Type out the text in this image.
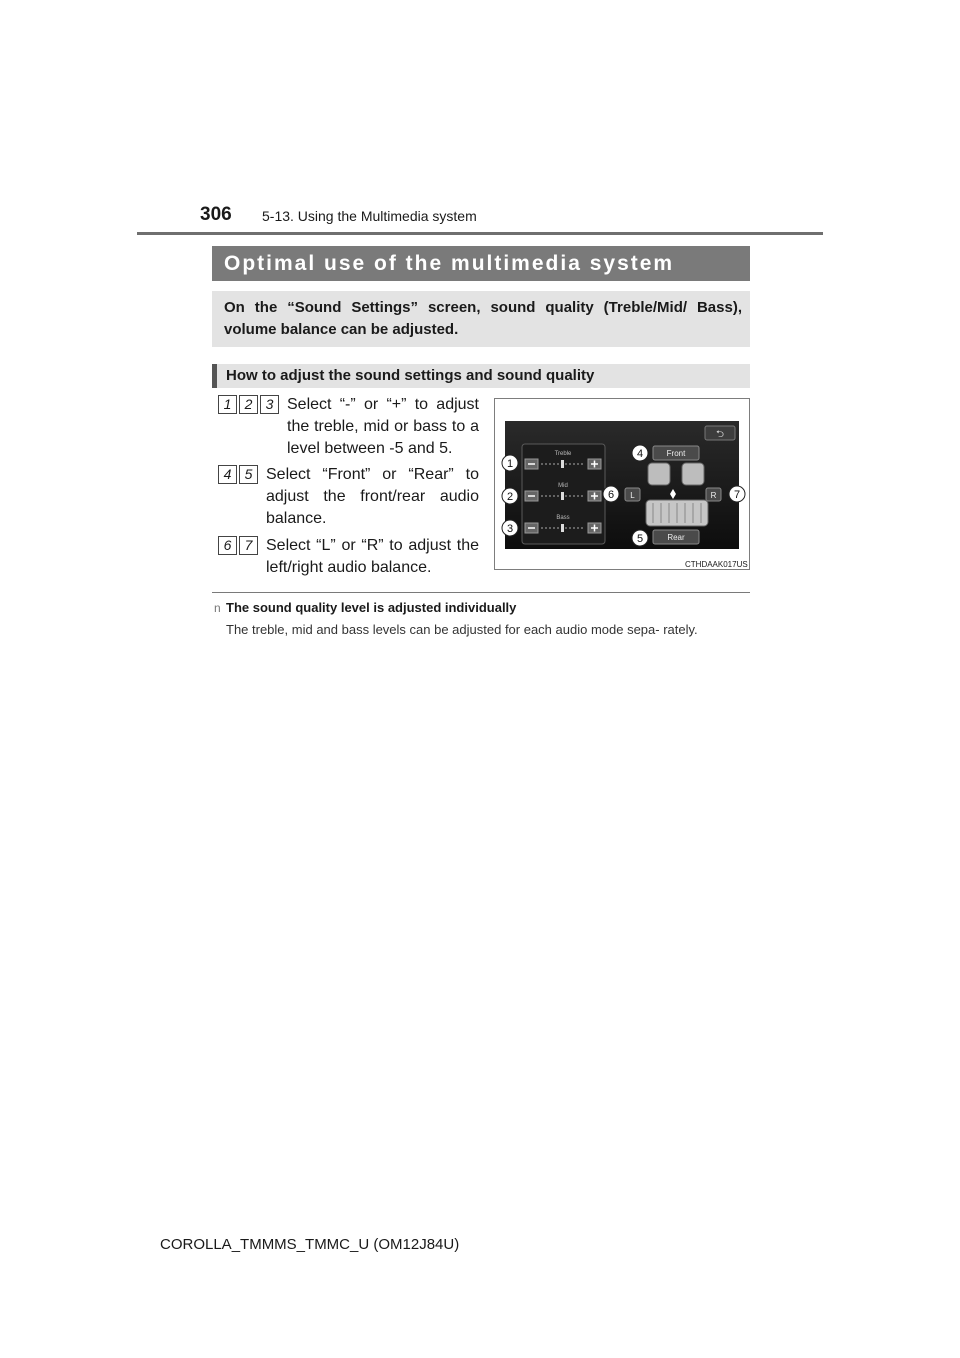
306 5-13. Using the Multimedia system
Optimal use of the multimedia system
On the “Sound Settings” screen, sound quality (Treble/Mid/ Bass), volume balance can be adjusted.
How to adjust the sound settings and sound quality
1 2 3 Select “-” or “+” to adjust the treble, mid or bass to a level between -5 and 5.
4 5 Select “Front” or “Rear” to adjust the front/rear audio balance.
6 7 Select “L” or “R” to adjust the left/right audio balance.
⮌
Treble
Mid
Bass
Front
Rear
L	R
1
2
3
4
5
6	7
CTHDAAK017US
n The sound quality level is adjusted individually
The treble, mid and bass levels can be adjusted for each audio mode sepa- rately.
COROLLA_TMMMS_TMMC_U (OM12J84U)
